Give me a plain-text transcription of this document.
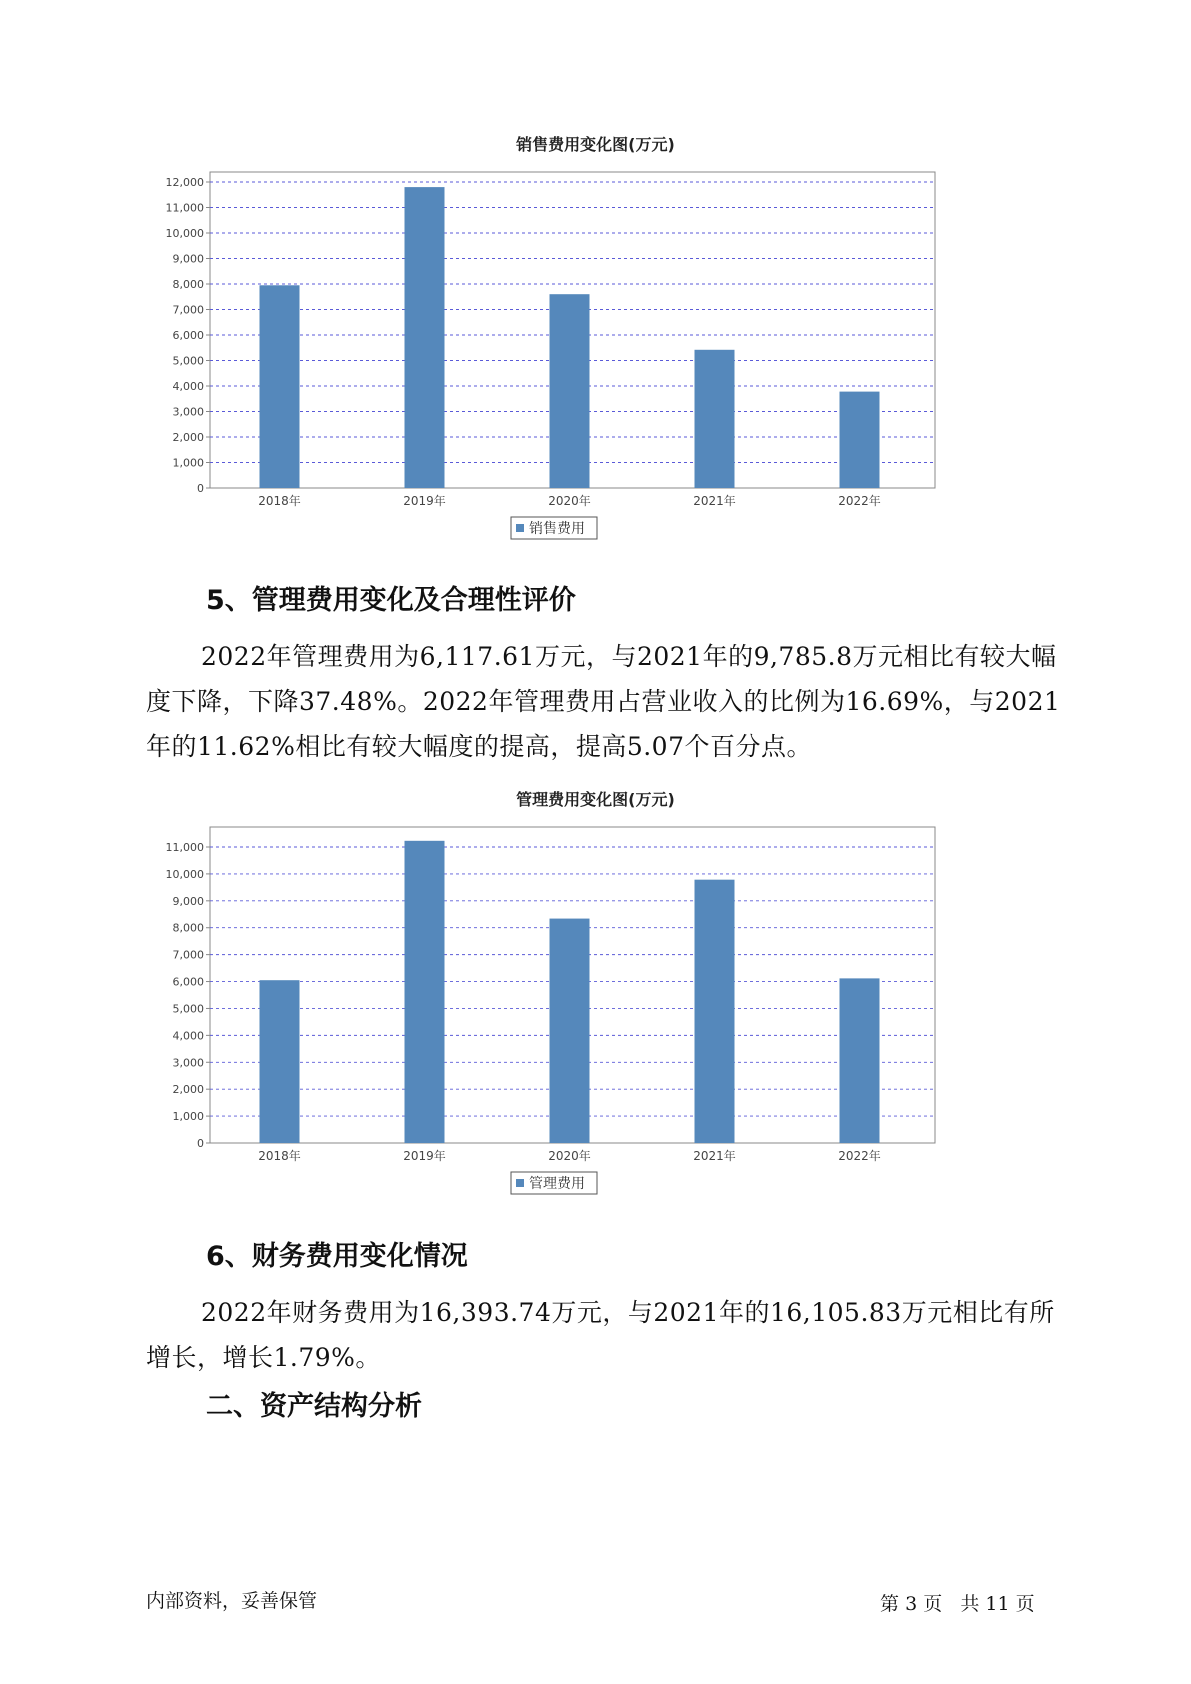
销售费用变化图(万元)
0
1,000
2,000
3,000
4,000
5,000
6,000
7,000
8,000
9,000
10,000
11,000
12,000
2018年	2019年	2020年	2021年	2022年
销售费用
5、管理费用变化及合理性评价

2022年管理费用为6,117.61万元，与2021年的9,785.8万元相比有较大幅度下降，下降37.48%。2022年管理费用占营业收入的比例为16.69%，与2021年的11.62%相比有较大幅度的提高，提高5.07个百分点。

管理费用变化图(万元)
0
1,000
2,000
3,000
4,000
5,000
6,000
7,000
8,000
9,000
10,000
11,000
2018年	2019年	2020年	2021年	2022年
管理费用
6、财务费用变化情况

2022年财务费用为16,393.74万元，与2021年的16,105.83万元相比有所增长，增长1.79%。

二、资产结构分析
内部资料，妥善保管	第 3 页 共 11 页
